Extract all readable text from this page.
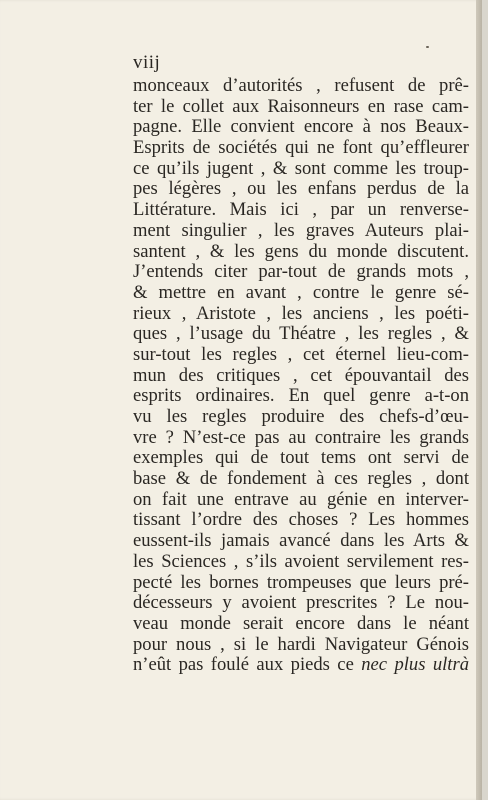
viij
monceaux d’autorités , refusent de prê-
ter le collet aux Raisonneurs en rase cam-
pagne. Elle convient encore à nos Beaux-
Esprits de sociétés qui ne font qu’effleurer
ce qu’ils jugent , & sont comme les troup-
pes légères , ou les enfans perdus de la
Littérature. Mais ici , par un renverse-
ment singulier , les graves Auteurs plai-
santent , & les gens du monde discutent.
J’entends citer par-tout de grands mots ,
& mettre en avant , contre le genre sé-
rieux , Aristote , les anciens , les poéti-
ques , l’usage du Théatre , les regles , &
sur-tout les regles , cet éternel lieu-com-
mun des critiques , cet épouvantail des
esprits ordinaires. En quel genre a-t-on
vu les regles produire des chefs-d’œu-
vre ? N’est-ce pas au contraire les grands
exemples qui de tout tems ont servi de
base & de fondement à ces regles , dont
on fait une entrave au génie en interver-
tissant l’ordre des choses ? Les hommes
eussent-ils jamais avancé dans les Arts &
les Sciences , s’ils avoient servilement res-
pecté les bornes trompeuses que leurs pré-
décesseurs y avoient prescrites ? Le nou-
veau monde serait encore dans le néant
pour nous , si le hardi Navigateur Génois
n’eût pas foulé aux pieds ce nec plus ultrà
